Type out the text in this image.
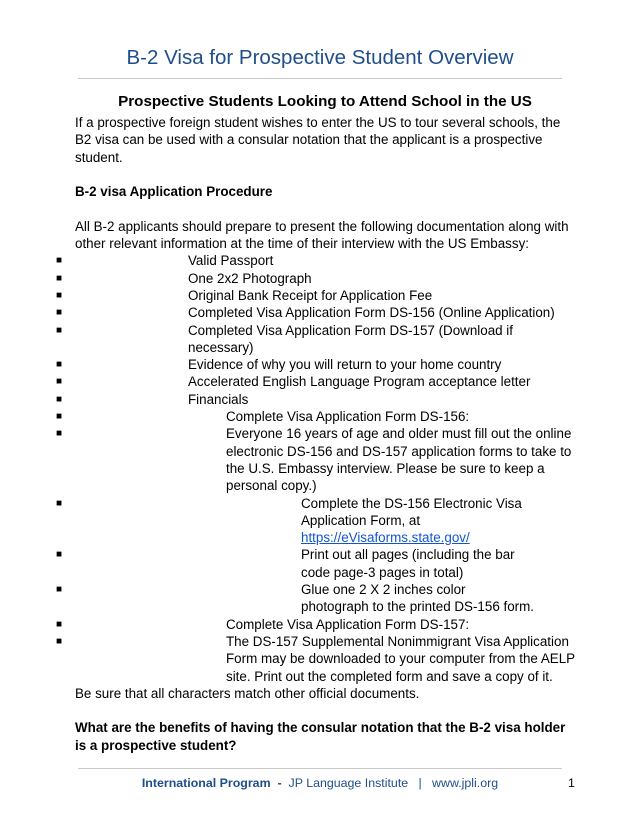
B-2 Visa for Prospective Student Overview
Prospective Students Looking to Attend School in the US

If a prospective foreign student wishes to enter the US to tour several schools, the B2 visa can be used with a consular notation that the applicant is a prospective student.

B-2 visa Application Procedure

All B-2 applicants should prepare to present the following documentation along with other relevant information at the time of their interview with the US Embassy:

■ Valid Passport
■ One 2x2 Photograph
■ Original Bank Receipt for Application Fee
■ Completed Visa Application Form DS-156 (Online Application)
■ Completed Visa Application Form DS-157 (Download if necessary)
■ Evidence of why you will return to your home country
■ Accelerated English Language Program acceptance letter
■ Financials
■ Complete Visa Application Form DS-156:
■ Everyone 16 years of age and older must fill out the online electronic DS-156 and DS-157 application forms to take to the U.S. Embassy interview. Please be sure to keep a personal copy.)
■ Complete the DS-156 Electronic Visa Application Form, at
https://eVisaforms.state.gov/
■ Print out all pages (including the bar code page-3 pages in total)
■ Glue one 2 X 2 inches color photograph to the printed DS-156 form.
■ Complete Visa Application Form DS-157:
■ The DS-157 Supplemental Nonimmigrant Visa Application Form may be downloaded to your computer from the AELP site. Print out the completed form and save a copy of it.

Be sure that all characters match other official documents.

What are the benefits of having the consular notation that the B-2 visa holder is a prospective student?

International Program - JP Language Institute | www.jpli.org	1
